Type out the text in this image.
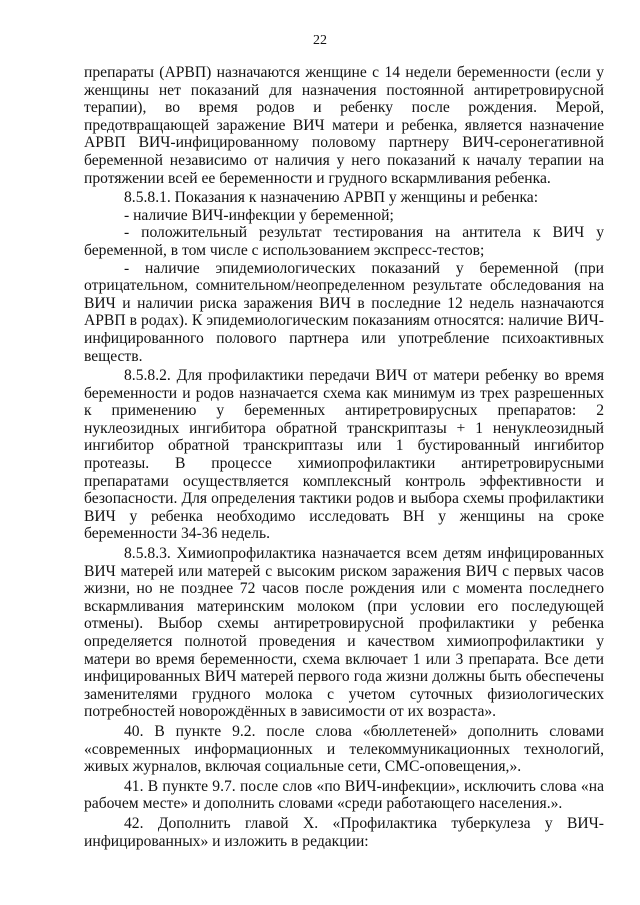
22

препараты (АРВП) назначаются женщине с 14 недели беременности (если у женщины нет показаний для назначения постоянной антиретровирусной терапии), во время родов и ребенку после рождения. Мерой, предотвращающей заражение ВИЧ матери и ребенка, является назначение АРВП ВИЧ-инфицированному половому партнеру ВИЧ-серонегативной беременной независимо от наличия у него показаний к началу терапии на протяжении всей ее беременности и грудного вскармливания ребенка.

8.5.8.1. Показания к назначению АРВП у женщины и ребенка:

- наличие ВИЧ-инфекции у беременной;

- положительный результат тестирования на антитела к ВИЧ у беременной, в том числе с использованием экспресс-тестов;

- наличие эпидемиологических показаний у беременной (при отрицательном, сомнительном/неопределенном результате обследования на ВИЧ и наличии риска заражения ВИЧ в последние 12 недель назначаются АРВП в родах). К эпидемиологическим показаниям относятся: наличие ВИЧ-инфицированного полового партнера или употребление психоактивных веществ.

8.5.8.2. Для профилактики передачи ВИЧ от матери ребенку во время беременности и родов назначается схема как минимум из трех разрешенных к применению у беременных антиретровирусных препаратов: 2 нуклеозидных ингибитора обратной транскриптазы + 1 ненуклеозидный ингибитор обратной транскриптазы или 1 бустированный ингибитор протеазы. В процессе химиопрофилактики антиретровирусными препаратами осуществляется комплексный контроль эффективности и безопасности. Для определения тактики родов и выбора схемы профилактики ВИЧ у ребенка необходимо исследовать ВН у женщины на сроке беременности 34-36 недель.

8.5.8.3. Химиопрофилактика назначается всем детям инфицированных ВИЧ матерей или матерей с высоким риском заражения ВИЧ с первых часов жизни, но не позднее 72 часов после рождения или с момента последнего вскармливания материнским молоком (при условии его последующей отмены). Выбор схемы антиретровирусной профилактики у ребенка определяется полнотой проведения и качеством химиопрофилактики у матери во время беременности, схема включает 1 или 3 препарата. Все дети инфицированных ВИЧ матерей первого года жизни должны быть обеспечены заменителями грудного молока с учетом суточных физиологических потребностей новорождённых в зависимости от их возраста».

40. В пункте 9.2. после слова «бюллетеней» дополнить словами «современных информационных и телекоммуникационных технологий, живых журналов, включая социальные сети, СМС-оповещения,».

41. В пункте 9.7. после слов «по ВИЧ-инфекции», исключить слова «на рабочем месте» и дополнить словами «среди работающего населения.».

42. Дополнить главой X. «Профилактика туберкулеза у ВИЧ-инфицированных» и изложить в редакции:
